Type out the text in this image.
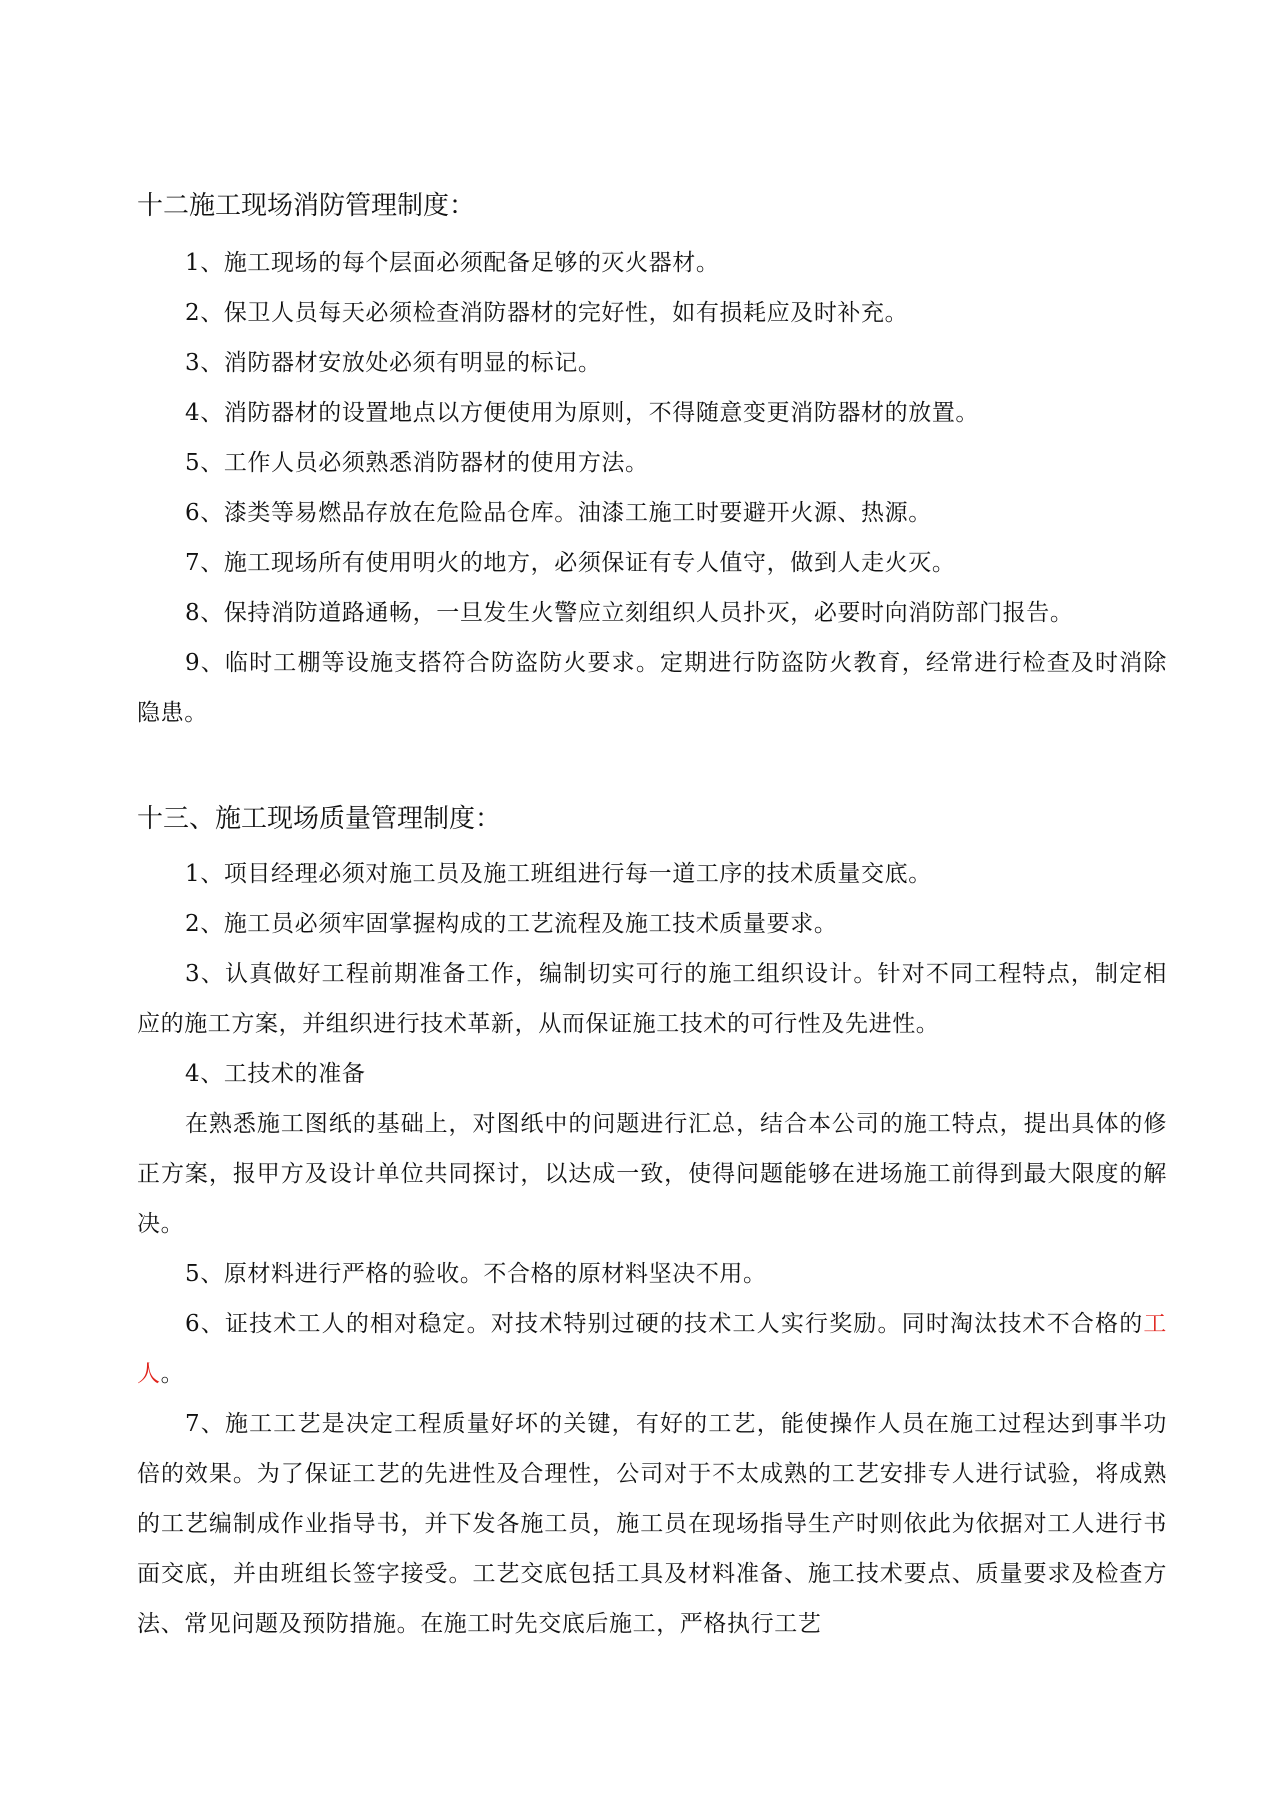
十二施工现场消防管理制度：

1、施工现场的每个层面必须配备足够的灭火器材。

2、保卫人员每天必须检查消防器材的完好性，如有损耗应及时补充。

3、消防器材安放处必须有明显的标记。

4、消防器材的设置地点以方便使用为原则，不得随意变更消防器材的放置。

5、工作人员必须熟悉消防器材的使用方法。

6、漆类等易燃品存放在危险品仓库。油漆工施工时要避开火源、热源。

7、施工现场所有使用明火的地方，必须保证有专人值守，做到人走火灭。

8、保持消防道路通畅，一旦发生火警应立刻组织人员扑灭，必要时向消防部门报告。

9、临时工棚等设施支搭符合防盗防火要求。定期进行防盗防火教育，经常进行检查及时消除隐患。

十三、施工现场质量管理制度：

1、项目经理必须对施工员及施工班组进行每一道工序的技术质量交底。

2、施工员必须牢固掌握构成的工艺流程及施工技术质量要求。

3、认真做好工程前期准备工作，编制切实可行的施工组织设计。针对不同工程特点，制定相应的施工方案，并组织进行技术革新，从而保证施工技术的可行性及先进性。

4、工技术的准备

在熟悉施工图纸的基础上，对图纸中的问题进行汇总，结合本公司的施工特点，提出具体的修正方案，报甲方及设计单位共同探讨，以达成一致，使得问题能够在进场施工前得到最大限度的解决。

5、原材料进行严格的验收。不合格的原材料坚决不用。

6、证技术工人的相对稳定。对技术特别过硬的技术工人实行奖励。同时淘汰技术不合格的工人。

7、施工工艺是决定工程质量好坏的关键，有好的工艺，能使操作人员在施工过程达到事半功倍的效果。为了保证工艺的先进性及合理性，公司对于不太成熟的工艺安排专人进行试验，将成熟的工艺编制成作业指导书，并下发各施工员，施工员在现场指导生产时则依此为依据对工人进行书面交底，并由班组长签字接受。工艺交底包括工具及材料准备、施工技术要点、质量要求及检查方法、常见问题及预防措施。在施工时先交底后施工，严格执行工艺
